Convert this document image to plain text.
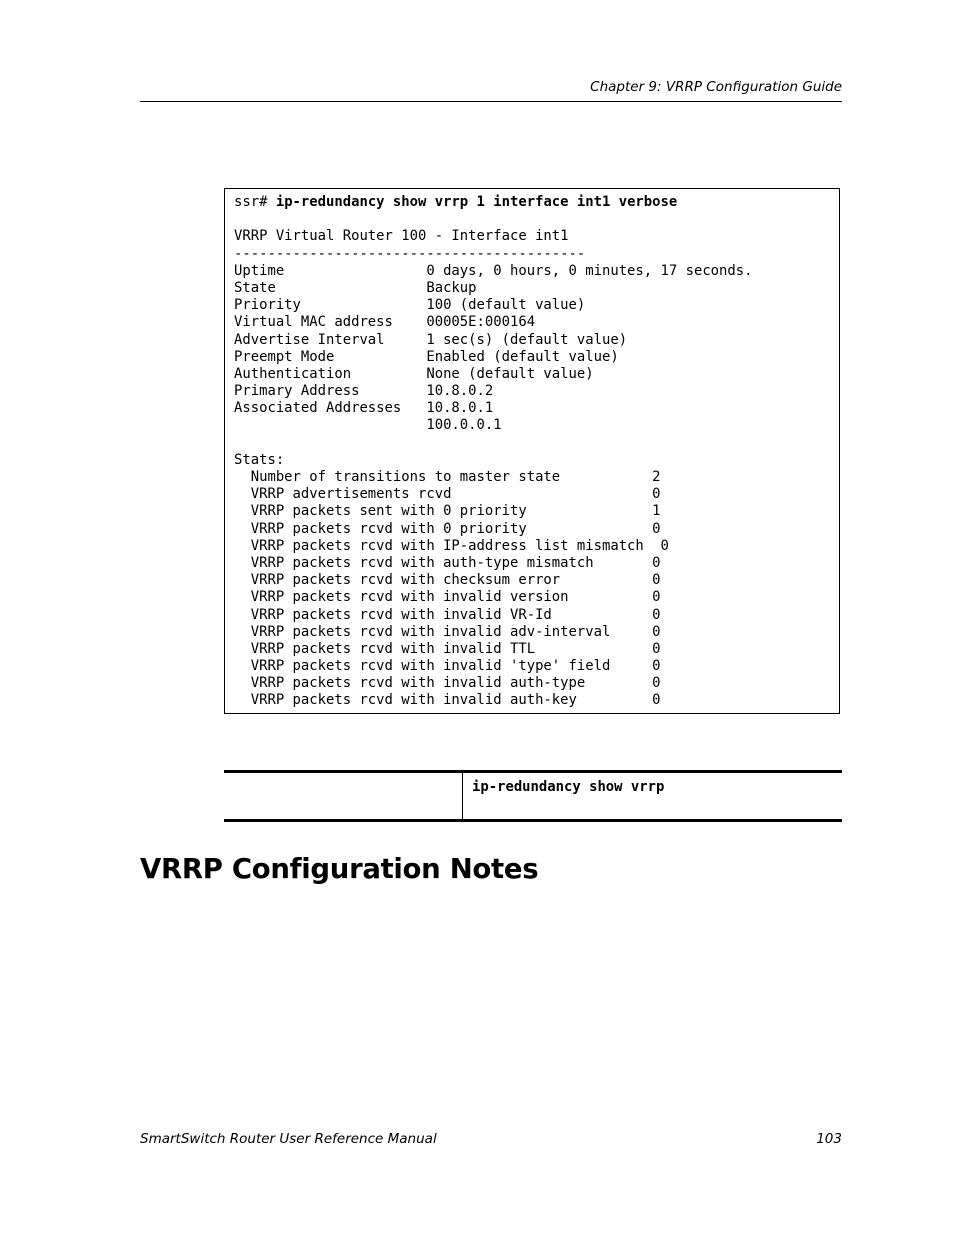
Chapter 9: VRRP Configuration Guide
ssr# ip-redundancy show vrrp 1 interface int1 verbose
VRRP Virtual Router 100 - Interface int1
------------------------------------------
Uptime                 0 days, 0 hours, 0 minutes, 17 seconds.
State                  Backup
Priority               100 (default value)
Virtual MAC address    00005E:000164
Advertise Interval     1 sec(s) (default value)
Preempt Mode           Enabled (default value)
Authentication         None (default value)
Primary Address        10.8.0.2
Associated Addresses   10.8.0.1
100.0.0.1
Stats:
Number of transitions to master state           2
VRRP advertisements rcvd                        0
VRRP packets sent with 0 priority               1
VRRP packets rcvd with 0 priority               0
VRRP packets rcvd with IP-address list mismatch  0
VRRP packets rcvd with auth-type mismatch       0
VRRP packets rcvd with checksum error           0
VRRP packets rcvd with invalid version          0
VRRP packets rcvd with invalid VR-Id            0
VRRP packets rcvd with invalid adv-interval     0
VRRP packets rcvd with invalid TTL              0
VRRP packets rcvd with invalid 'type' field     0
VRRP packets rcvd with invalid auth-type        0
VRRP packets rcvd with invalid auth-key         0
ip-redundancy show vrrp
VRRP Configuration Notes
SmartSwitch Router User Reference Manual	103
